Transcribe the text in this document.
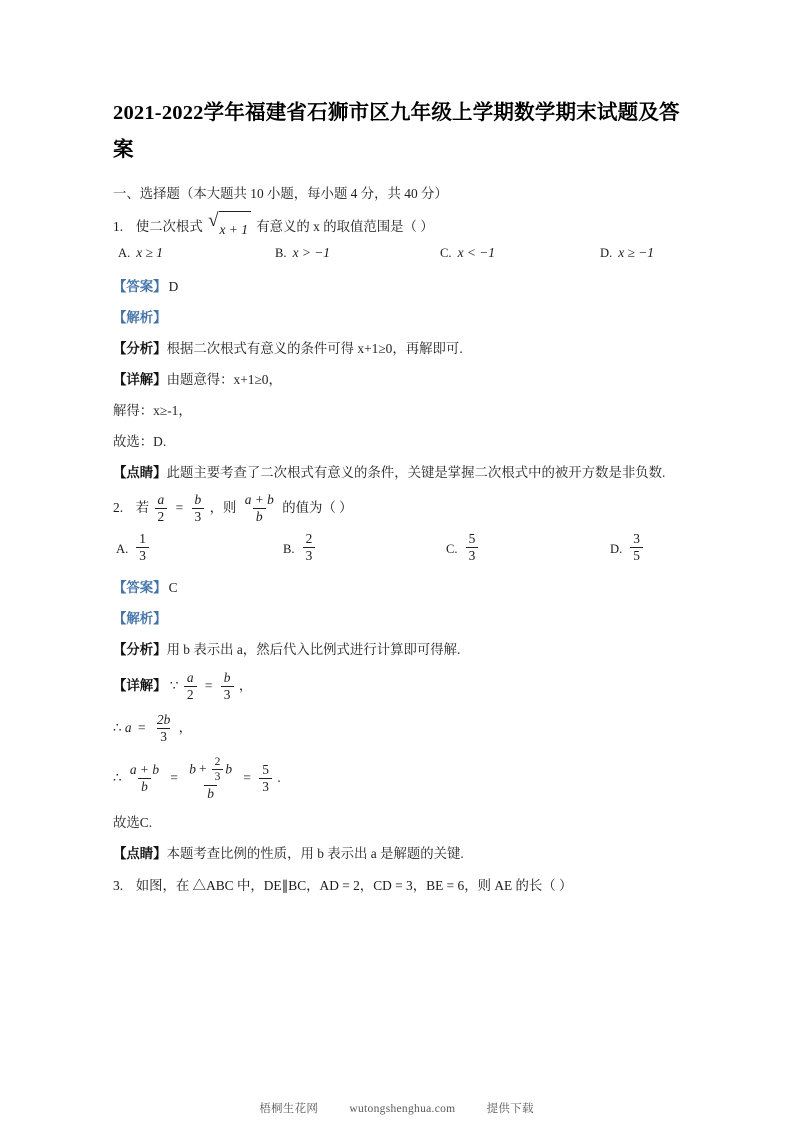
2021-2022学年福建省石狮市区九年级上学期数学期末试题及答案

一、选择题（本大题共 10 小题，每小题 4 分，共 40 分）

1. 使二次根式 √ x + 1 有意义的 x 的取值范围是（ ）

A. x ≥ 1	B. x > −1	C. x < −1	D. x ≥ −1

【答案】 D

【解析】

【分析】根据二次根式有意义的条件可得 x+1≥0，再解即可.

【详解】由题意得：x+1≥0，

解得：x≥-1，

故选：D.

【点睛】此题主要考查了二次根式有意义的条件，关键是掌握二次根式中的被开方数是非负数.

2. 若 $\frac{a}{2} = \frac{b}{3}$ ，则 $\frac{a + b}{b}$ 的值为（ ）

A. $\frac{1}{3}$	B. $\frac{2}{3}$	C. $\frac{5}{3}$	D. $\frac{3}{5}$

【答案】 C

【解析】

【分析】用 b 表示出 a，然后代入比例式进行计算即可得解.

【详解】 ∵ $\frac{a}{2} = \frac{b}{3}$ ，

∴ $a = \frac{2b}{3}$ ，

∴ $\frac{a + b}{b} = \frac{b + \frac{2}{3} b}{b} = \frac{5}{3}$ .

故选C.

【点睛】本题考查比例的性质，用 b 表示出 a 是解题的关键.

3. 如图，在 △ABC 中，DE∥BC，AD = 2，CD = 3，BE = 6，则 AE 的长（ ）

梧桐生花网	wutongshenghua.com	提供下载
